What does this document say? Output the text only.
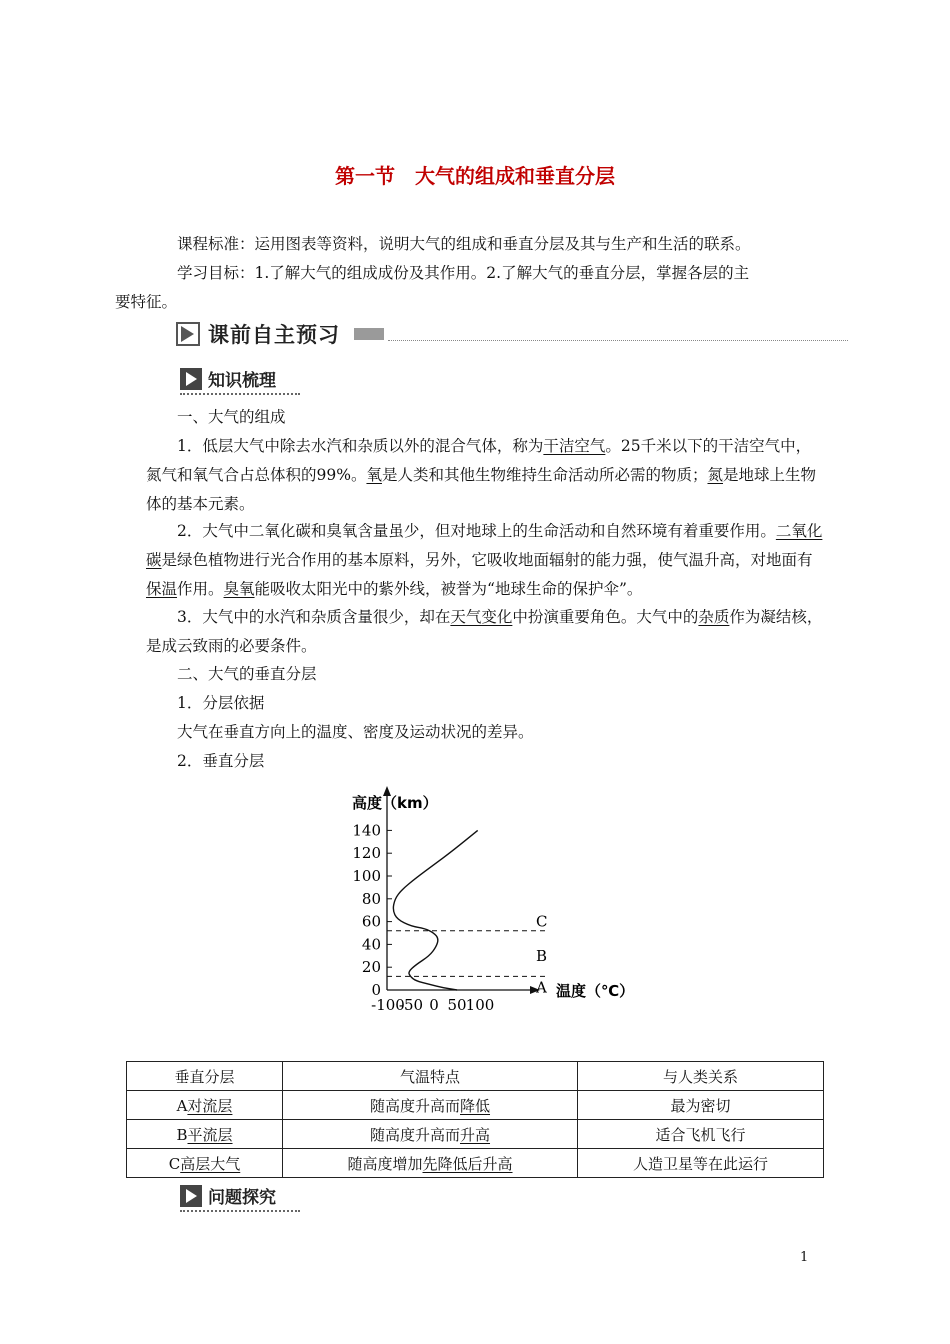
第一节　大气的组成和垂直分层
课程标准：运用图表等资料，说明大气的组成和垂直分层及其与生产和生活的联系。
学习目标：1.了解大气的组成成份及其作用。2.了解大气的垂直分层，掌握各层的主
要特征。
课前自主预习
知识梳理
一、大气的组成
1．低层大气中除去水汽和杂质以外的混合气体，称为干洁空气。25千米以下的干洁空气中，氮气和氧气合占总体积的99%。氧是人类和其他生物维持生命活动所必需的物质；氮是地球上生物体的基本元素。
2．大气中二氧化碳和臭氧含量虽少，但对地球上的生命活动和自然环境有着重要作用。二氧化碳是绿色植物进行光合作用的基本原料，另外，它吸收地面辐射的能力强，使气温升高，对地面有保温作用。臭氧能吸收太阳光中的紫外线，被誉为“地球生命的保护伞”。
3．大气中的水汽和杂质含量很少，却在天气变化中扮演重要角色。大气中的杂质作为凝结核，是成云致雨的必要条件。
二、大气的垂直分层
1．分层依据
大气在垂直方向上的温度、密度及运动状况的差异。
2．垂直分层
高度（km）
温度（℃）
0
20
40
60
80
100
120
140
-100
-50 0 50 100
A
B
C
垂直分层	气温特点	与人类关系
A对流层	随高度升高而降低	最为密切
B平流层	随高度升高而升高	适合飞机飞行
C高层大气	随高度增加先降低后升高	人造卫星等在此运行
问题探究
1
